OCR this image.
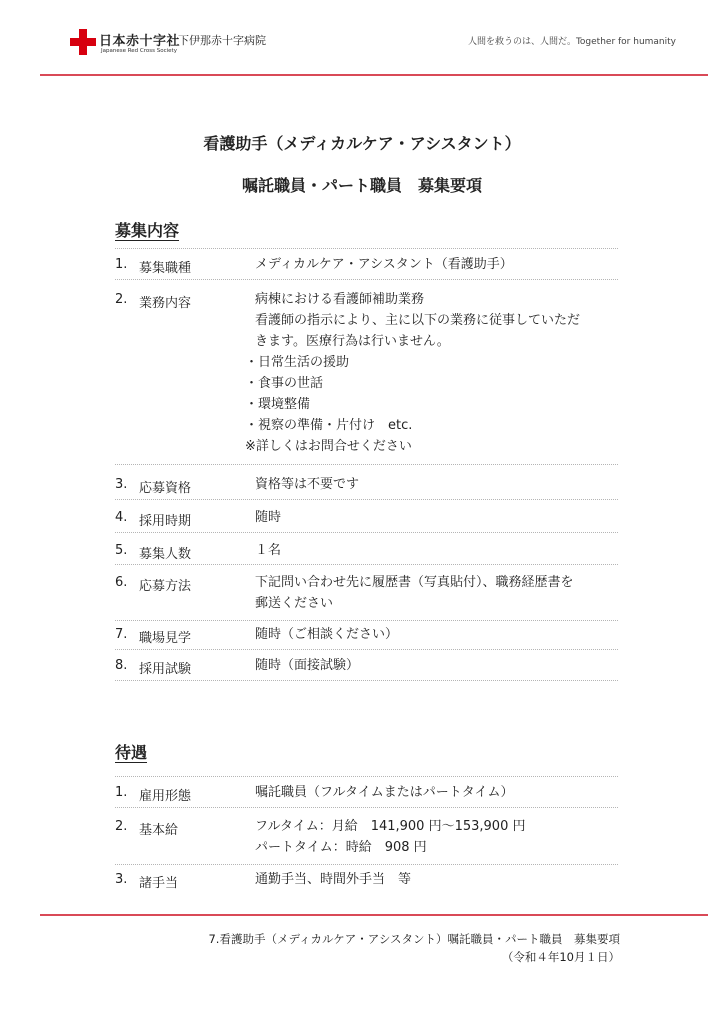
日本赤十字社
Japanese Red Cross Society
下伊那赤十字病院	人間を救うのは、人間だ。Together for humanity
看護助手（メディカルケア・アシスタント）
嘱託職員・パート職員　募集要項
募集内容
1. 募集職種	メディカルケア・アシスタント（看護助手）
2. 業務内容	病棟における看護師補助業務
看護師の指示により、主に以下の業務に従事していただ
きます。医療行為は行いません。
・日常生活の援助
・食事の世話
・環境整備
・視察の準備・片付け　etc.
※詳しくはお問合せください
3. 応募資格	資格等は不要です
4. 採用時期	随時
5. 募集人数	１名
6. 応募方法	下記問い合わせ先に履歴書（写真貼付）、職務経歴書を
郵送ください
7. 職場見学	随時（ご相談ください）
8. 採用試験	随時（面接試験）
待遇
1. 雇用形態	嘱託職員（フルタイムまたはパートタイム）
2. 基本給	フルタイム：月給　141,900 円～153,900 円
パートタイム：時給　908 円
3. 諸手当	通勤手当、時間外手当　等
7.看護助手（メディカルケア・アシスタント）嘱託職員・パート職員　募集要項
（令和４年10月１日）
